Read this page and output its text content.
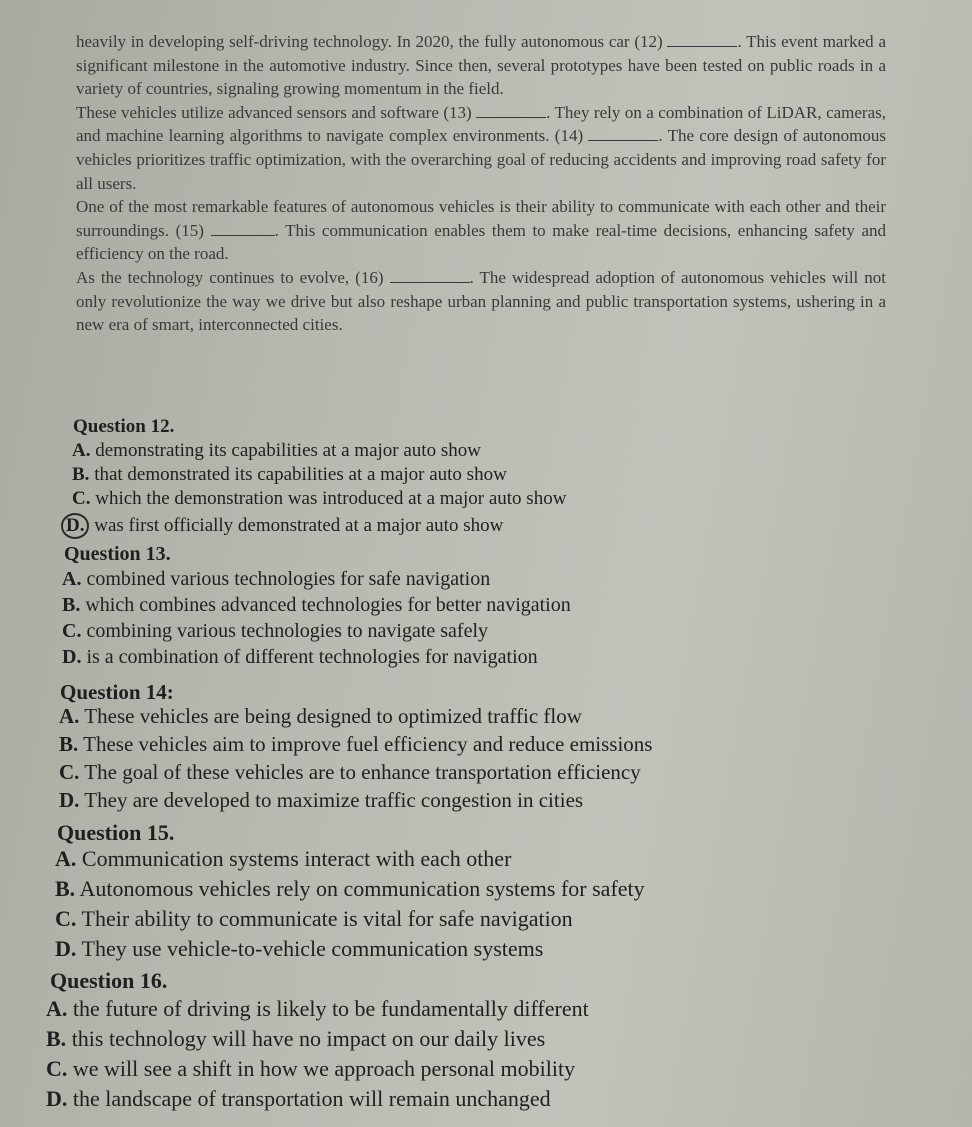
heavily in developing self-driving technology. In 2020, the fully autonomous car (12)	. This event marked a significant milestone in the automotive industry. Since then, several prototypes have been tested on public roads in a variety of countries, signaling growing momentum in the field.

These vehicles utilize advanced sensors and software (13)	. They rely on a combination of LiDAR, cameras, and machine learning algorithms to navigate complex environments. (14)	. The core design of autonomous vehicles prioritizes traffic optimization, with the overarching goal of reducing accidents and improving road safety for all users.

One of the most remarkable features of autonomous vehicles is their ability to communicate with each other and their surroundings. (15)	. This communication enables them to make real-time decisions, enhancing safety and efficiency on the road.

As the technology continues to evolve, (16)	. The widespread adoption of autonomous vehicles will not only revolutionize the way we drive but also reshape urban planning and public transportation systems, ushering in a new era of smart, interconnected cities.

Question 12.
A. demonstrating its capabilities at a major auto show
B. that demonstrated its capabilities at a major auto show
C. which the demonstration was introduced at a major auto show
D. was first officially demonstrated at a major auto show
Question 13.
A. combined various technologies for safe navigation
B. which combines advanced technologies for better navigation
C. combining various technologies to navigate safely
D. is a combination of different technologies for navigation
Question 14:
A. These vehicles are being designed to optimized traffic flow
B. These vehicles aim to improve fuel efficiency and reduce emissions
C. The goal of these vehicles are to enhance transportation efficiency
D. They are developed to maximize traffic congestion in cities
Question 15.
A. Communication systems interact with each other
B. Autonomous vehicles rely on communication systems for safety
C. Their ability to communicate is vital for safe navigation
D. They use vehicle-to-vehicle communication systems
Question 16.
A. the future of driving is likely to be fundamentally different
B. this technology will have no impact on our daily lives
C. we will see a shift in how we approach personal mobility
D. the landscape of transportation will remain unchanged
